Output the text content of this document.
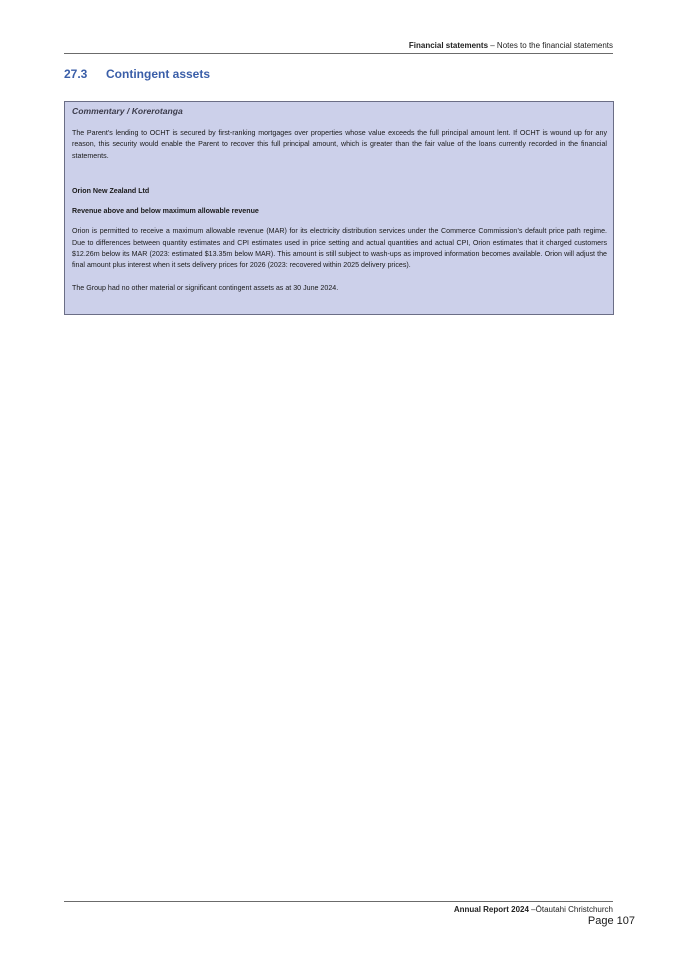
Financial statements – Notes to the financial statements
27.3 Contingent assets
Commentary / Korerotanga

The Parent’s lending to OCHT is secured by first-ranking mortgages over properties whose value exceeds the full principal amount lent. If OCHT is wound up for any reason, this security would enable the Parent to recover this full principal amount, which is greater than the fair value of the loans currently recorded in the financial statements.

Orion New Zealand Ltd

Revenue above and below maximum allowable revenue

Orion is permitted to receive a maximum allowable revenue (MAR) for its electricity distribution services under the Commerce Commission’s default price path regime. Due to differences between quantity estimates and CPI estimates used in price setting and actual quantities and actual CPI, Orion estimates that it charged customers $12.26m below its MAR (2023: estimated $13.35m below MAR). This amount is still subject to wash-ups as improved information becomes available. Orion will adjust the final amount plus interest when it sets delivery prices for 2026 (2023: recovered within 2025 delivery prices).

The Group had no other material or significant contingent assets as at 30 June 2024.

Annual Report 2024 –Ōtautahi Christchurch
Page 107
